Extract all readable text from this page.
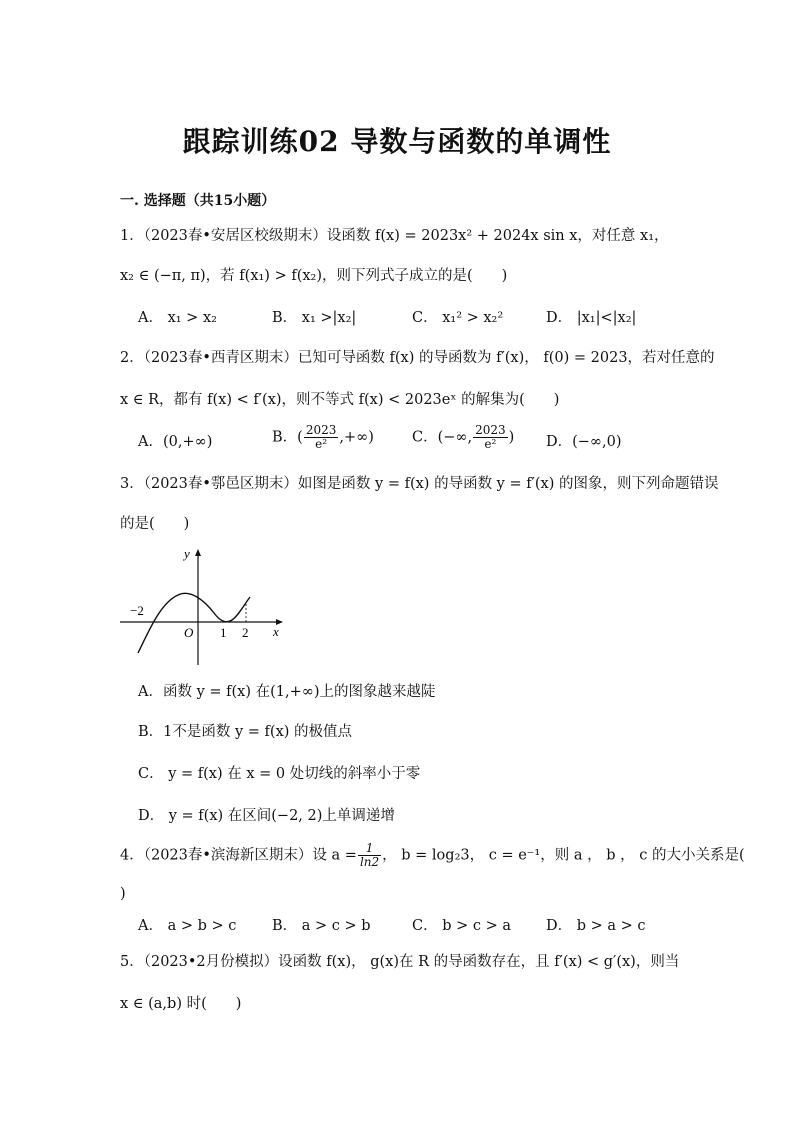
跟踪训练02 导数与函数的单调性
一. 选择题（共15小题）
1．（2023春•安居区校级期末）设函数 f(x) = 2023x² + 2024x sin x，对任意 x₁，
x₂ ∈ (−π, π)，若 f(x₁) > f(x₂)，则下列式子成立的是(　　)
A． x₁ > x₂	B． x₁ >|x₂|	C． x₁² > x₂²	D． |x₁|<|x₂|
2．（2023春•西青区期末）已知可导函数 f(x) 的导函数为 f′(x)， f(0) = 2023，若对任意的
x ∈ R，都有 f(x) < f′(x)，则不等式 f(x) < 2023eˣ 的解集为(　　)
A．(0,+∞)	B．( $\frac{2023}{\text{e²}}$ ,+∞)	C．(−∞, $\frac{2023}{\text{e²}}$ ) D．(−∞,0)
3．（2023春•鄠邑区期末）如图是函数 y = f(x) 的导函数 y = f′(x) 的图象，则下列命题错误
的是(　　)
y
x
−2
O 1 2
A．函数 y = f(x) 在(1,+∞)上的图象越来越陡
B．1不是函数 y = f(x) 的极值点
C． y = f(x) 在 x = 0 处切线的斜率小于零
D． y = f(x) 在区间(−2, 2)上单调递增
4．（2023春•滨海新区期末）设 $a = \frac{1}{\ln 2}$ ， b = log₂3， c = e⁻¹，则 a ， b ， c 的大小关系是(
)
A． a > b > c B． a > c > b	C． b > c > a D． b > a > c
5．（2023•2月份模拟）设函数 f(x)， g(x)在 R 的导函数存在，且 f′(x) < g′(x)，则当
x ∈ (a,b) 时(　　)
